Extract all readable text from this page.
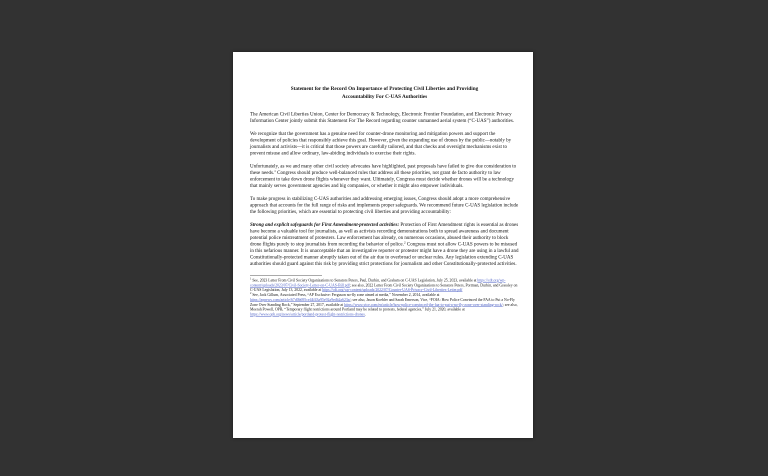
Statement for the Record On Importance of Protecting Civil Liberties and Providing
Accountability For C-UAS Authorities

The American Civil Liberties Union, Center for Democracy & Technology, Electronic Frontier Foundation, and Electronic Privacy Information Center jointly submit this Statement For The Record regarding counter unmanned aerial system (“C-UAS”) authorities.

We recognize that the government has a genuine need for counter-drone monitoring and mitigation powers and support the development of policies that responsibly achieve this goal. However, given the expanding use of drones by the public—notably by journalists and activists—it is critical that those powers are carefully tailored, and that checks and oversight mechanisms exist to prevent misuse and allow ordinary, law-abiding individuals to exercise their rights.

Unfortunately, as we and many other civil society advocates have highlighted, past proposals have failed to give due consideration to these needs.$^1$ Congress should produce well-balanced rules that address all these priorities, not grant de facto authority to law enforcement to take down drone flights whenever they want. Ultimately, Congress must decide whether drones will be a technology that mainly serves government agencies and big companies, or whether it might also empower individuals.

To make progress in stabilizing C-UAS authorities and addressing emerging issues, Congress should adopt a more comprehensive approach that accounts for the full range of risks and implements proper safeguards. We recommend future C-UAS legislation include the following priorities, which are essential to protecting civil liberties and providing accountability:

Strong and explicit safeguards for First Amendment-protected activities: Protection of First Amendment rights is essential as drones have become a valuable tool for journalists, as well as activists recording demonstrations both to spread awareness and document potential police mistreatment of protesters. Law enforcement has already, on numerous occasions, abused their authority to block drone flights purely to stop journalists from recording the behavior of police.$^2$ Congress must not allow C-UAS powers to be misused in this nefarious manner. It is unacceptable that an investigative reporter or protester might have a drone they are using in a lawful and Constitutionally-protected manner abruptly taken out of the air due to overbroad or unclear rules. Any legislation extending C-UAS authorities should guard against this risk by providing strict protections for journalism and other Constitutionally-protected activities.

$^1$ See, 2023 Letter From Civil Society Organizations to Senators Peters, Paul, Durbin, and Graham on C-UAS Legislation, July 25, 2023, available at https://cdt.org/wp-content/uploads/2023/07/Civil-Society-Letter-on-C-UAS-Bill.pdf; see also, 2022 Letter From Civil Society Organizations to Senators Peters, Portman, Durbin, and Grassley on C-UAS Legislation, July 13, 2022, available at https://cdt.org/wp-content/uploads/2022/07/Counter-UAS-Privacy-Civil-Liberties-Letter.pdf

$^2$ See, Jack Gillum, Associated Press, “AP Exclusive: Ferguson no-fly zone aimed at media,” November 2, 2014, available at https://apnews.com/article/67d0b695ce44f43a95e92a9edb2a623a/; see also, Jason Koebler and Sarah Emerson, Vice, “FOIA: How Police Convinced the FAA to Put a No-Fly Zone Over Standing Rock,” September 27, 2017, available at https://www.vice.com/en/article/how-police-convinced-the-faa-to-put-a-no-fly-zone-over-standing-rock/; see also, Meerah Powell, OPB, “Temporary flight restrictions around Portland may be related to protests, federal agencies,” July 21, 2020, available at https://www.opb.org/news/article/portland-protest-flight-restrictions-drones.
